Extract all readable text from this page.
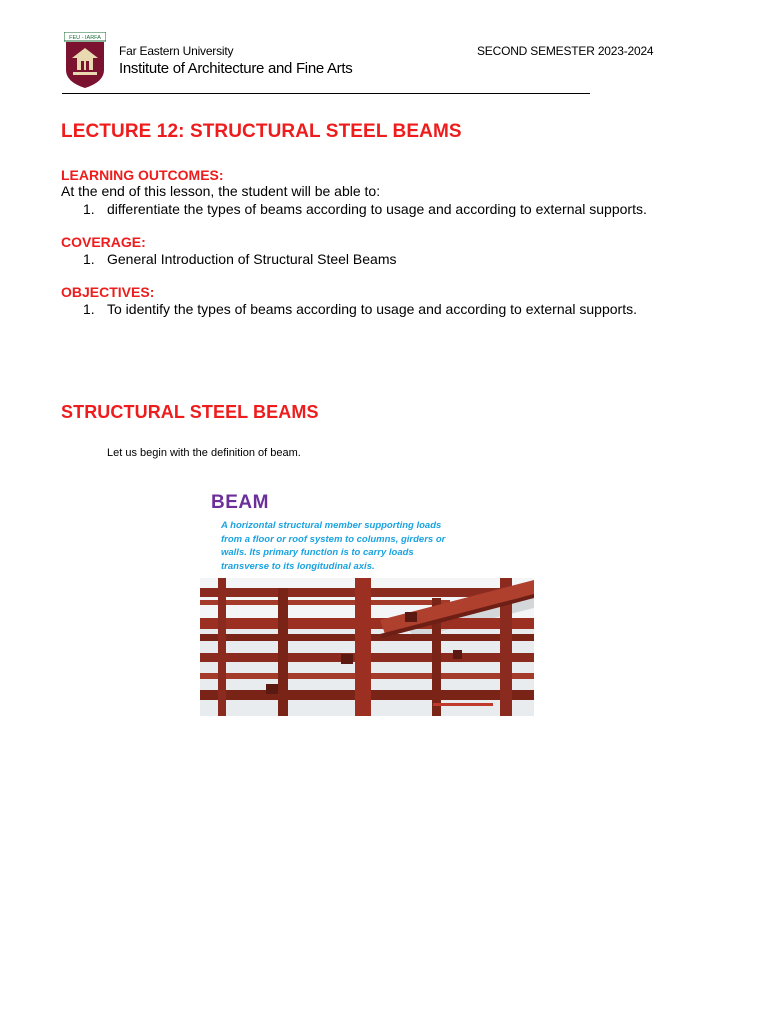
FEU - IARFA
Far Eastern University
Institute of Architecture and Fine Arts
SECOND SEMESTER 2023-2024
LECTURE 12: STRUCTURAL STEEL BEAMS
LEARNING OUTCOMES:
At the end of this lesson, the student will be able to:
1. differentiate the types of beams according to usage and according to external supports.
COVERAGE:
1. General Introduction of Structural Steel Beams
OBJECTIVES:
1. To identify the types of beams according to usage and according to external supports.
STRUCTURAL STEEL BEAMS
Let us begin with the definition of beam.
BEAM
A horizontal structural member supporting loads
from a floor or roof system to columns, girders or
walls. Its primary function is to carry loads
transverse to its longitudinal axis.
